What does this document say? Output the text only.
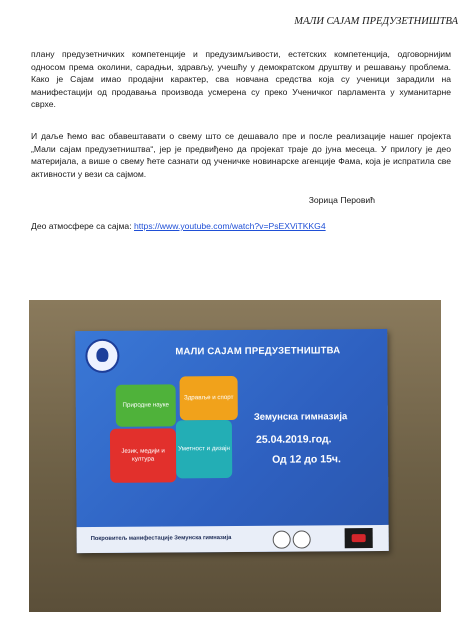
МАЛИ САЈАМ ПРЕДУЗЕТНИШТВА

плану предузетничких компетенције и предузимљивости, естетских компетенција, одговорнијим односом према околини, сарадњи, здрављу, учешћу у демократском друштву и решавању проблема. Како је Сајам имао продајни карактер, сва новчана средства која су ученици зарадили на манифестацији од продавања производа усмерена су преко Ученичког парламента у хуманитарне сврхе.

И даље ћемо вас обавештавати о свему што се дешавало пре и после реализације нашег пројекта „Мали сајам предузетништва“, јер је предвиђено да пројекат траје до јуна месеца. У прилогу је део материјала, а више о свему ћете сазнати од ученичке новинарске агенције Фама, која је испратила све активности у вези са сајмом.

Зорица Перовић
Део атмосфере са сајма: https://www.youtube.com/watch?v=PsEXViTKKG4
МАЛИ САЈАМ ПРЕДУЗЕТНИШТВА
Природне науке
Здравље и спорт
Језик, медији и култура
Уметност и дизајн
Земунска гимназија
25.04.2019.год.
Од 12 до 15ч.
Покровитељ манифестације Земунска гимназија
